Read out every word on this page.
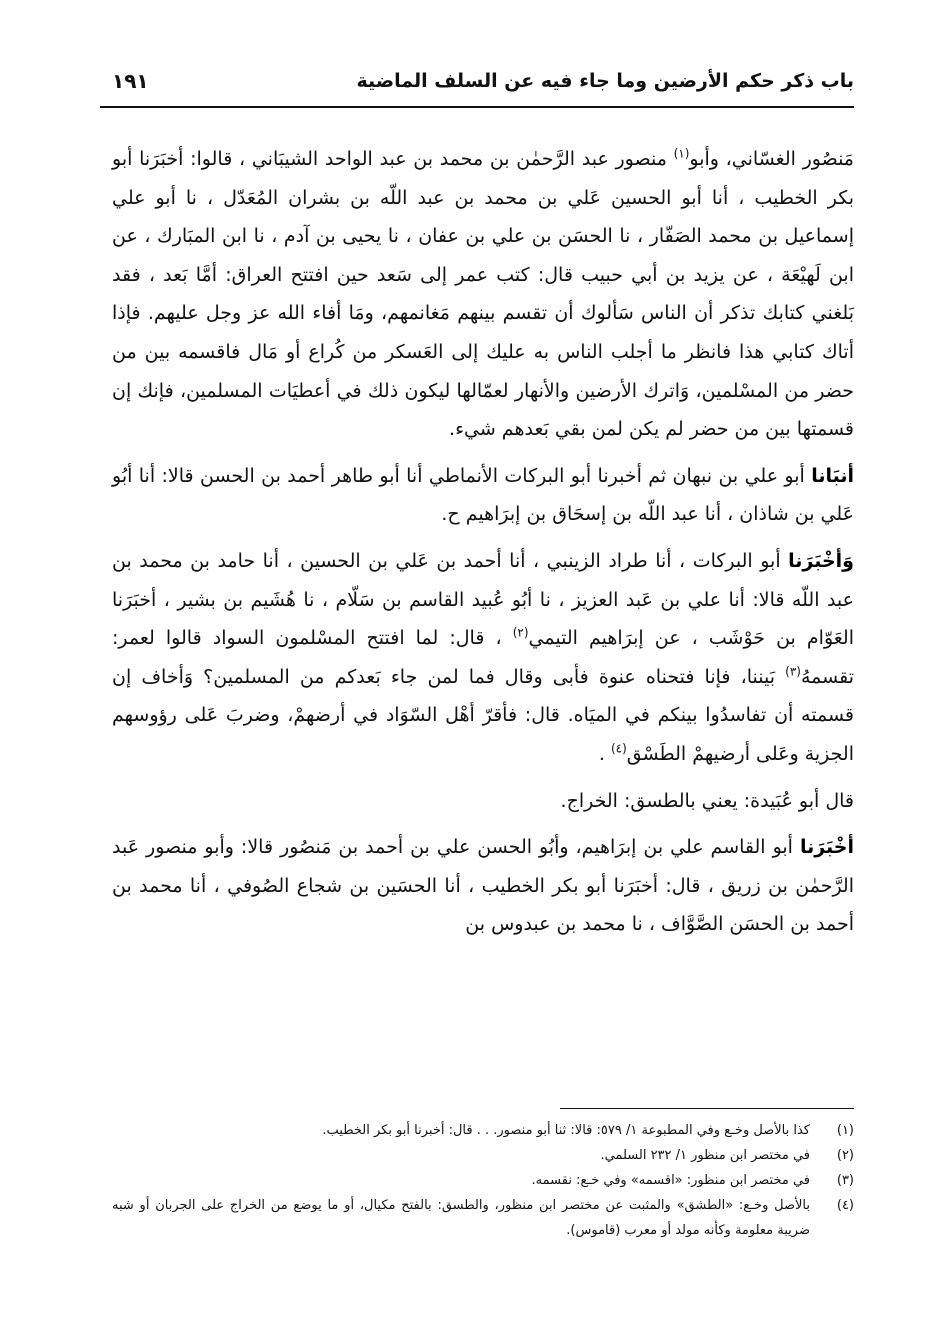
باب ذكر حكم الأرضين وما جاء فيه عن السلف الماضية
١٩١

مَنصُور الغسّاني، وأبو$^{(١)}$ منصور عبد الرَّحمٰن بن محمد بن عبد الواحد الشيبَاني ، قالوا: أخبَرَنا أبو بكر الخطيب ، أنا أبو الحسين عَلي بن محمد بن عبد اللّه بن بشران المُعَدّل ، نا أبو علي إسماعيل بن محمد الصَفّار ، نا الحسَن بن علي بن عفان ، نا يحيى بن آدم ، نا ابن المبَارك ، عن ابن لَهيْعَة ، عن يزيد بن أبي حبيب قال: كتب عمر إلى سَعد حين افتتح العراق: أمَّا بَعد ، فقد بَلغني كتابك تذكر أن الناس سَألوك أن تقسم بينهم مَغانمهم، ومَا أفاء الله عز وجل عليهم. فإذا أتاك كتابي هذا فانظر ما أجلب الناس به عليك إلى العَسكر من كُراع أو مَال فاقسمه بين من حضر من المسْلمين، وَاترك الأرضين والأنهار لعمّالها ليكون ذلك في أعطيَات المسلمين، فإنك إن قسمتها بين من حضر لم يكن لمن بقي بَعدهم شيء.

أنبَانا أبو علي بن نبهان ثم أخبرنا أبو البركات الأنماطي أنا أبو طاهر أحمد بن الحسن قالا: أنا أبُو عَلي بن شاذان ، أنا عبد اللّه بن إسحَاق بن إبرَاهيم ح.

وَأخْبَرَنا أبو البركات ، أنا طراد الزينبي ، أنا أحمد بن عَلي بن الحسين ، أنا حامد بن محمد بن عبد اللّه قالا: أنا علي بن عَبد العزيز ، نا أبُو عُبيد القاسم بن سَلّام ، نا هُشَيم بن بشير ، أخبَرَنا العَوّام بن حَوْشَب ، عن إبرَاهيم التيمي$^{(٢)}$ ، قال: لما افتتح المسْلمون السواد قالوا لعمر: تقسمهُ$^{(٣)}$ بَيننا، فإنا فتحناه عنوة فأبى وقال فما لمن جاء بَعدكم من المسلمين؟ وَأخاف إن قسمته أن تفاسدُوا بينكم في الميَاه. قال: فأقرّ أهْل السّوَاد في أرضهمْ، وضربَ عَلى رؤوسهم الجزية وعَلى أرضيهمْ الطَسْق$^{(٤)}$ .

قال أبو عُبَيدة: يعني بالطسق: الخراج.

أخْبَرَنا أبو القاسم علي بن إبرَاهيم، وأبُو الحسن علي بن أحمد بن مَنصُور قالا: وأبو منصور عَبد الرَّحمٰن بن زريق ، قال: أخبَرَنا أبو بكر الخطيب ، أنا الحسَين بن شجاع الصُوفي ، أنا محمد بن أحمد بن الحسَن الصَّوَّاف ، نا محمد بن عبدوس بن

(١)
كذا بالأصل وخـع وفي المطبوعة ١/ ٥٧٩: قالا: ثنا أبو منصور. . . قال: أخبرنا أبو بكر الخطيب.
(٢)
في مختصر ابن منظور ١/ ٢٣٢ السلمي.
(٣)
في مختصر ابن منظور: «اقسمه» وفي خـع: نقسمه.
(٤)
بالأصل وخـع: «الطشق» والمثبت عن مختصر ابن منظور، والطسق: بالفتح مكيال، أو ما يوضع من الخراج على الجربان أو شبه ضريبة معلومة وكأنه مولد أو معرب (قاموس).
